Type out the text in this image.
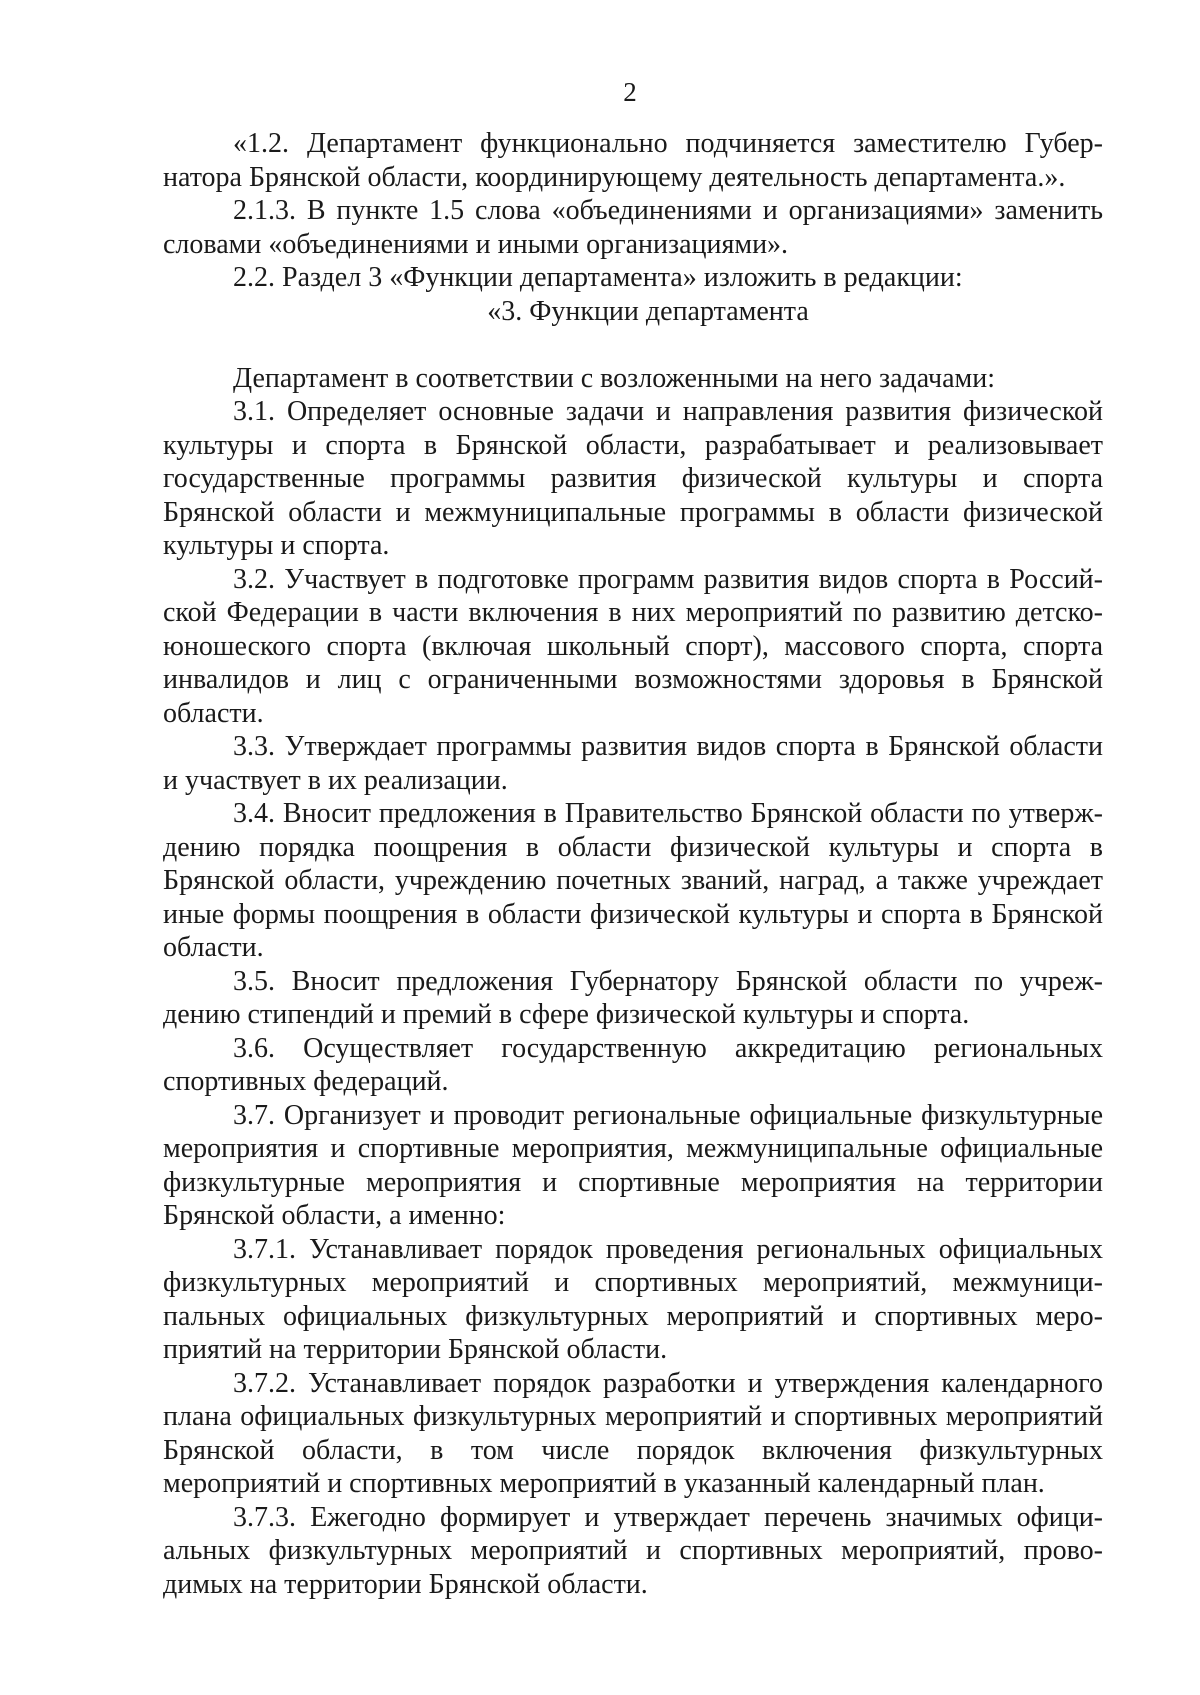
2

«1.2. Департамент функционально подчиняется заместителю Губернатора Брянской области, координирующему деятельность департамента.».

2.1.3. В пункте 1.5 слова «объединениями и организациями» заменить словами «объединениями и иными организациями».

2.2. Раздел 3 «Функции департамента» изложить в редакции:

«3. Функции департамента

Департамент в соответствии с возложенными на него задачами:

3.1. Определяет основные задачи и направления развития физической культуры и спорта в Брянской области, разрабатывает и реализовывает государственные программы развития физической культуры и спорта Брянской области и межмуниципальные программы в области физической культуры и спорта.

3.2. Участвует в подготовке программ развития видов спорта в Российской Федерации в части включения в них мероприятий по развитию детско-юношеского спорта (включая школьный спорт), массового спорта, спорта инвалидов и лиц с ограниченными возможностями здоровья в Брянской области.

3.3. Утверждает программы развития видов спорта в Брянской области и участвует в их реализации.

3.4. Вносит предложения в Правительство Брянской области по утверждению порядка поощрения в области физической культуры и спорта в Брянской области, учреждению почетных званий, наград, а также учреждает иные формы поощрения в области физической культуры и спорта в Брянской области.

3.5. Вносит предложения Губернатору Брянской области по учреждению стипендий и премий в сфере физической культуры и спорта.

3.6. Осуществляет государственную аккредитацию региональных спортивных федераций.

3.7. Организует и проводит региональные официальные физкультурные мероприятия и спортивные мероприятия, межмуниципальные официальные физкультурные мероприятия и спортивные мероприятия на территории Брянской области, а именно:

3.7.1. Устанавливает порядок проведения региональных официальных физкультурных мероприятий и спортивных мероприятий, межмуниципальных официальных физкультурных мероприятий и спортивных мероприятий на территории Брянской области.

3.7.2. Устанавливает порядок разработки и утверждения календарного плана официальных физкультурных мероприятий и спортивных мероприятий Брянской области, в том числе порядок включения физкультурных мероприятий и спортивных мероприятий в указанный календарный план.

3.7.3. Ежегодно формирует и утверждает перечень значимых официальных физкультурных мероприятий и спортивных мероприятий, проводимых на территории Брянской области.
